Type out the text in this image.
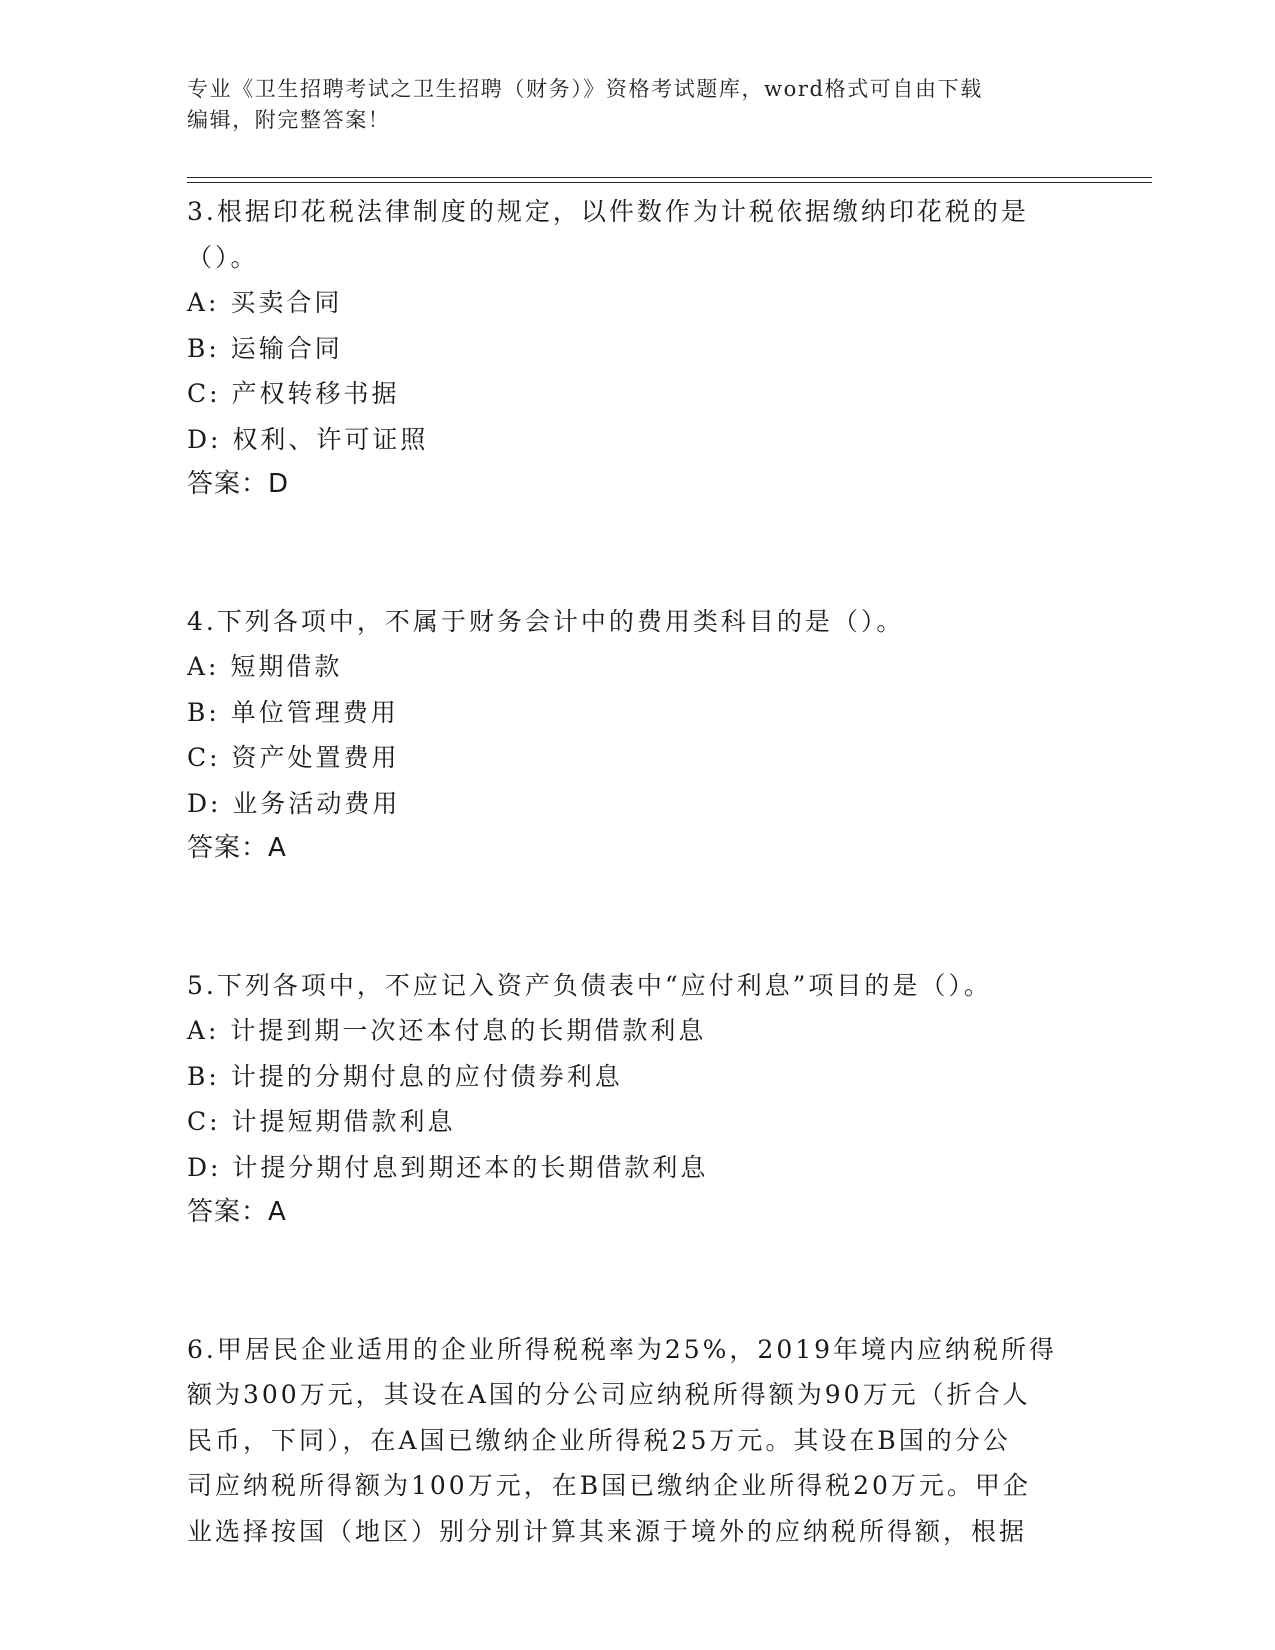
专业《卫生招聘考试之卫生招聘（财务）》资格考试题库，word格式可自由下载
编辑，附完整答案！
3.根据印花税法律制度的规定，以件数作为计税依据缴纳印花税的是
（）。
A: 买卖合同
B: 运输合同
C: 产权转移书据
D: 权利、许可证照
答案：D
4.下列各项中，不属于财务会计中的费用类科目的是（）。
A: 短期借款
B: 单位管理费用
C: 资产处置费用
D: 业务活动费用
答案：A
5.下列各项中，不应记入资产负债表中“应付利息”项目的是（）。
A: 计提到期一次还本付息的长期借款利息
B: 计提的分期付息的应付债券利息
C: 计提短期借款利息
D: 计提分期付息到期还本的长期借款利息
答案：A
6.甲居民企业适用的企业所得税税率为25%，2019年境内应纳税所得
额为300万元，其设在A国的分公司应纳税所得额为90万元（折合人
民币，下同），在A国已缴纳企业所得税25万元。其设在B国的分公
司应纳税所得额为100万元，在B国已缴纳企业所得税20万元。甲企
业选择按国（地区）别分别计算其来源于境外的应纳税所得额，根据
